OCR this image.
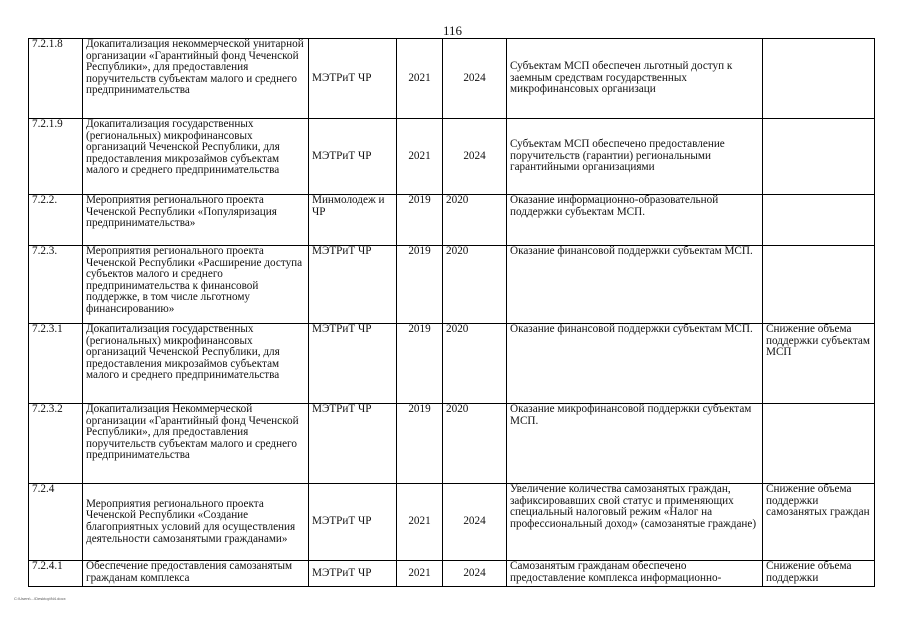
116
7.2.1.8	Докапитализация некоммерческой унитарной организации «Гарантийный фонд Чеченской Республики», для предоставления поручительств субъектам малого и среднего предпринимательства	МЭТРиТ ЧР	2021	2024	Субъектам МСП обеспечен льготный доступ к заемным средствам государственных микрофинансовых организаци	
7.2.1.9	Докапитализация государственных (региональных) микрофинансовых организаций Чеченской Республики, для предоставления микрозаймов субъектам малого и среднего предпринимательства	МЭТРиТ ЧР	2021	2024	Субъектам МСП обеспечено предоставление поручительств (гарантии) региональными гарантийными организациями	
7.2.2.	Мероприятия регионального проекта Чеченской Республики «Популяризация предпринимательства»	Минмолодеж и ЧР	2019	2020	Оказание информационно-образовательной поддержки субъектам МСП.	
7.2.3.	Мероприятия регионального проекта Чеченской Республики «Расширение доступа субъектов малого и среднего предпринимательства к финансовой поддержке, в том числе льготному финансированию»	МЭТРиТ ЧР	2019	2020	Оказание финансовой поддержки субъектам МСП.	
7.2.3.1	Докапитализация государственных (региональных) микрофинансовых организаций Чеченской Республики, для предоставления микрозаймов субъектам малого и среднего предпринимательства	МЭТРиТ ЧР	2019	2020	Оказание финансовой поддержки субъектам МСП.	Снижение объема поддержки субъектам МСП
7.2.3.2	Докапитализация Некоммерческой организации «Гарантийный фонд Чеченской Республики», для предоставления поручительств субъектам малого и среднего предпринимательства	МЭТРиТ ЧР	2019	2020	Оказание микрофинансовой поддержки субъектам МСП.	
7.2.4	Мероприятия регионального проекта Чеченской Республики «Создание благоприятных условий для осуществления деятельности самозанятыми гражданами»	МЭТРиТ ЧР	2021	2024	Увеличение количества самозанятых граждан, зафиксировавших свой статус и применяющих специальный налоговый режим «Налог на профессиональный доход» (самозанятые граждане)	Снижение объема поддержки самозанятых граждан
7.2.4.1	Обеспечение предоставления самозанятым гражданам комплекса	МЭТРиТ ЧР	2021	2024	Самозанятым гражданам обеспечено предоставление комплекса информационно-	Снижение объема поддержки
C:\Users\...\Desktop\N4.docx
